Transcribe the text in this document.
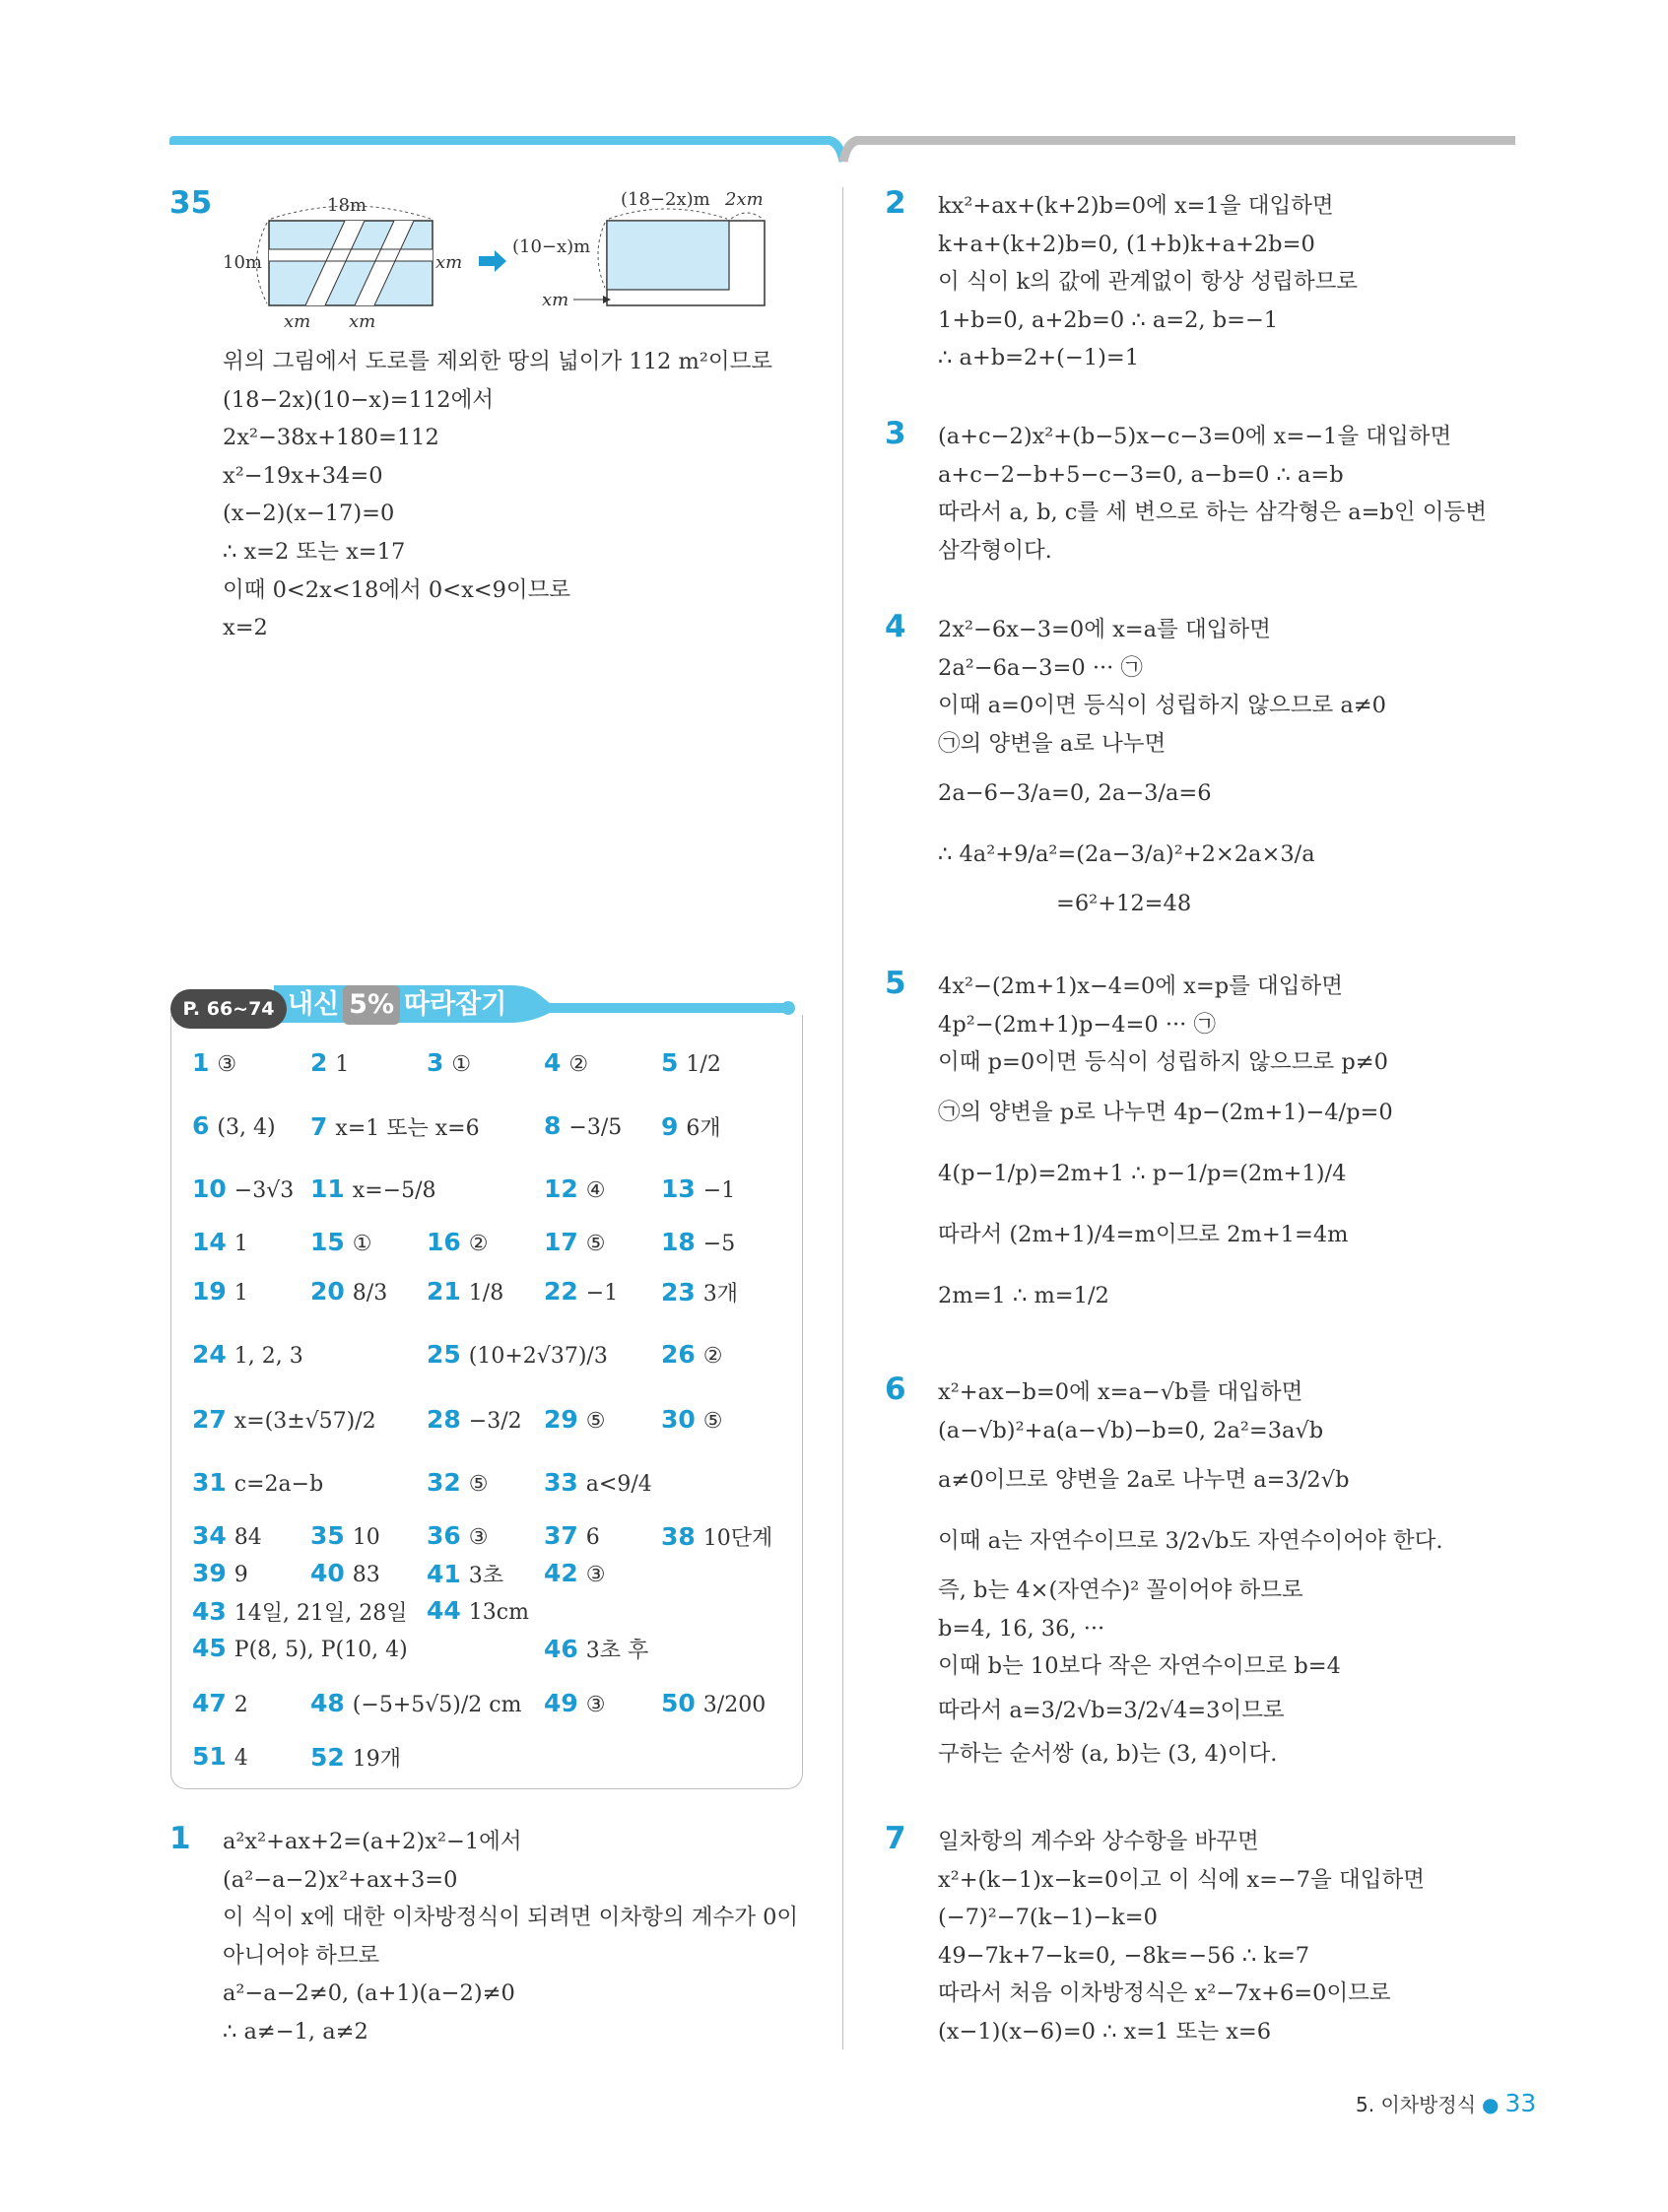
35	18m
10m	xm
xm xm
(18−2x)m 2xm
(10−x)m
xm
위의 그림에서 도로를 제외한 땅의 넓이가 112 m²이므로
(18−2x)(10−x)=112에서
2x²−38x+180=112
x²−19x+34=0
(x−2)(x−17)=0
∴ x=2 또는 x=17
이때 0<2x<18에서 0<x<9이므로
x=2
P. 66~74 내신 5% 따라잡기
1 ③	2 1	3 ①	4 ②	5 1/2
6 (3, 4) 7 x=1 또는 x=6	8 −3/5 9 6개
10 −3√3 11 x=−5/8	12 ④ 13 −1
14 1	15 ① 16 ② 17 ⑤ 18 −5
19 1	20 8/3 21 1/8 22 −1 23 3개
24 1, 2, 3	25 (10+2√37)/3 26 ②
27 x=(3±√57)/2 28 −3/2 29 ⑤ 30 ⑤
31 c=2a−b	32 ⑤ 33 a<9/4
34 84 35 10 36 ③ 37 6 38 10단계
39 9	40 83 41 3초 42 ③
43 14일, 21일, 28일 44 13cm
45 P(8, 5), P(10, 4)	46 3초 후
47 2	48 (−5+5√5)/2 cm 49 ③ 50 3/200
51 4	52 19개
1 a²x²+ax+2=(a+2)x²−1에서
(a²−a−2)x²+ax+3=0
이 식이 x에 대한 이차방정식이 되려면 이차항의 계수가 0이
아니어야 하므로
a²−a−2≠0, (a+1)(a−2)≠0
∴ a≠−1, a≠2
2 kx²+ax+(k+2)b=0에 x=1을 대입하면
k+a+(k+2)b=0, (1+b)k+a+2b=0
이 식이 k의 값에 관계없이 항상 성립하므로
1+b=0, a+2b=0 ∴ a=2, b=−1
∴ a+b=2+(−1)=1
3 (a+c−2)x²+(b−5)x−c−3=0에 x=−1을 대입하면
a+c−2−b+5−c−3=0, a−b=0 ∴ a=b
따라서 a, b, c를 세 변으로 하는 삼각형은 a=b인 이등변
삼각형이다.
4 2x²−6x−3=0에 x=a를 대입하면
2a²−6a−3=0 ··· ㉠
이때 a=0이면 등식이 성립하지 않으므로 a≠0
㉠의 양변을 a로 나누면
2a−6−3/a=0, 2a−3/a=6
∴ 4a²+9/a²=(2a−3/a)²+2×2a×3/a
=6²+12=48
5 4x²−(2m+1)x−4=0에 x=p를 대입하면
4p²−(2m+1)p−4=0 ··· ㉠
이때 p=0이면 등식이 성립하지 않으므로 p≠0
㉠의 양변을 p로 나누면 4p−(2m+1)−4/p=0
4(p−1/p)=2m+1 ∴ p−1/p=(2m+1)/4
따라서 (2m+1)/4=m이므로 2m+1=4m
2m=1 ∴ m=1/2
6 x²+ax−b=0에 x=a−√b를 대입하면
(a−√b)²+a(a−√b)−b=0, 2a²=3a√b
a≠0이므로 양변을 2a로 나누면 a=3/2√b
이때 a는 자연수이므로 3/2√b도 자연수이어야 한다.
즉, b는 4×(자연수)² 꼴이어야 하므로
b=4, 16, 36, ···
이때 b는 10보다 작은 자연수이므로 b=4
따라서 a=3/2√b=3/2√4=3이므로
구하는 순서쌍 (a, b)는 (3, 4)이다.
7 일차항의 계수와 상수항을 바꾸면
x²+(k−1)x−k=0이고 이 식에 x=−7을 대입하면
(−7)²−7(k−1)−k=0
49−7k+7−k=0, −8k=−56 ∴ k=7
따라서 처음 이차방정식은 x²−7x+6=0이므로
(x−1)(x−6)=0 ∴ x=1 또는 x=6
5. 이차방정식 ● 33
